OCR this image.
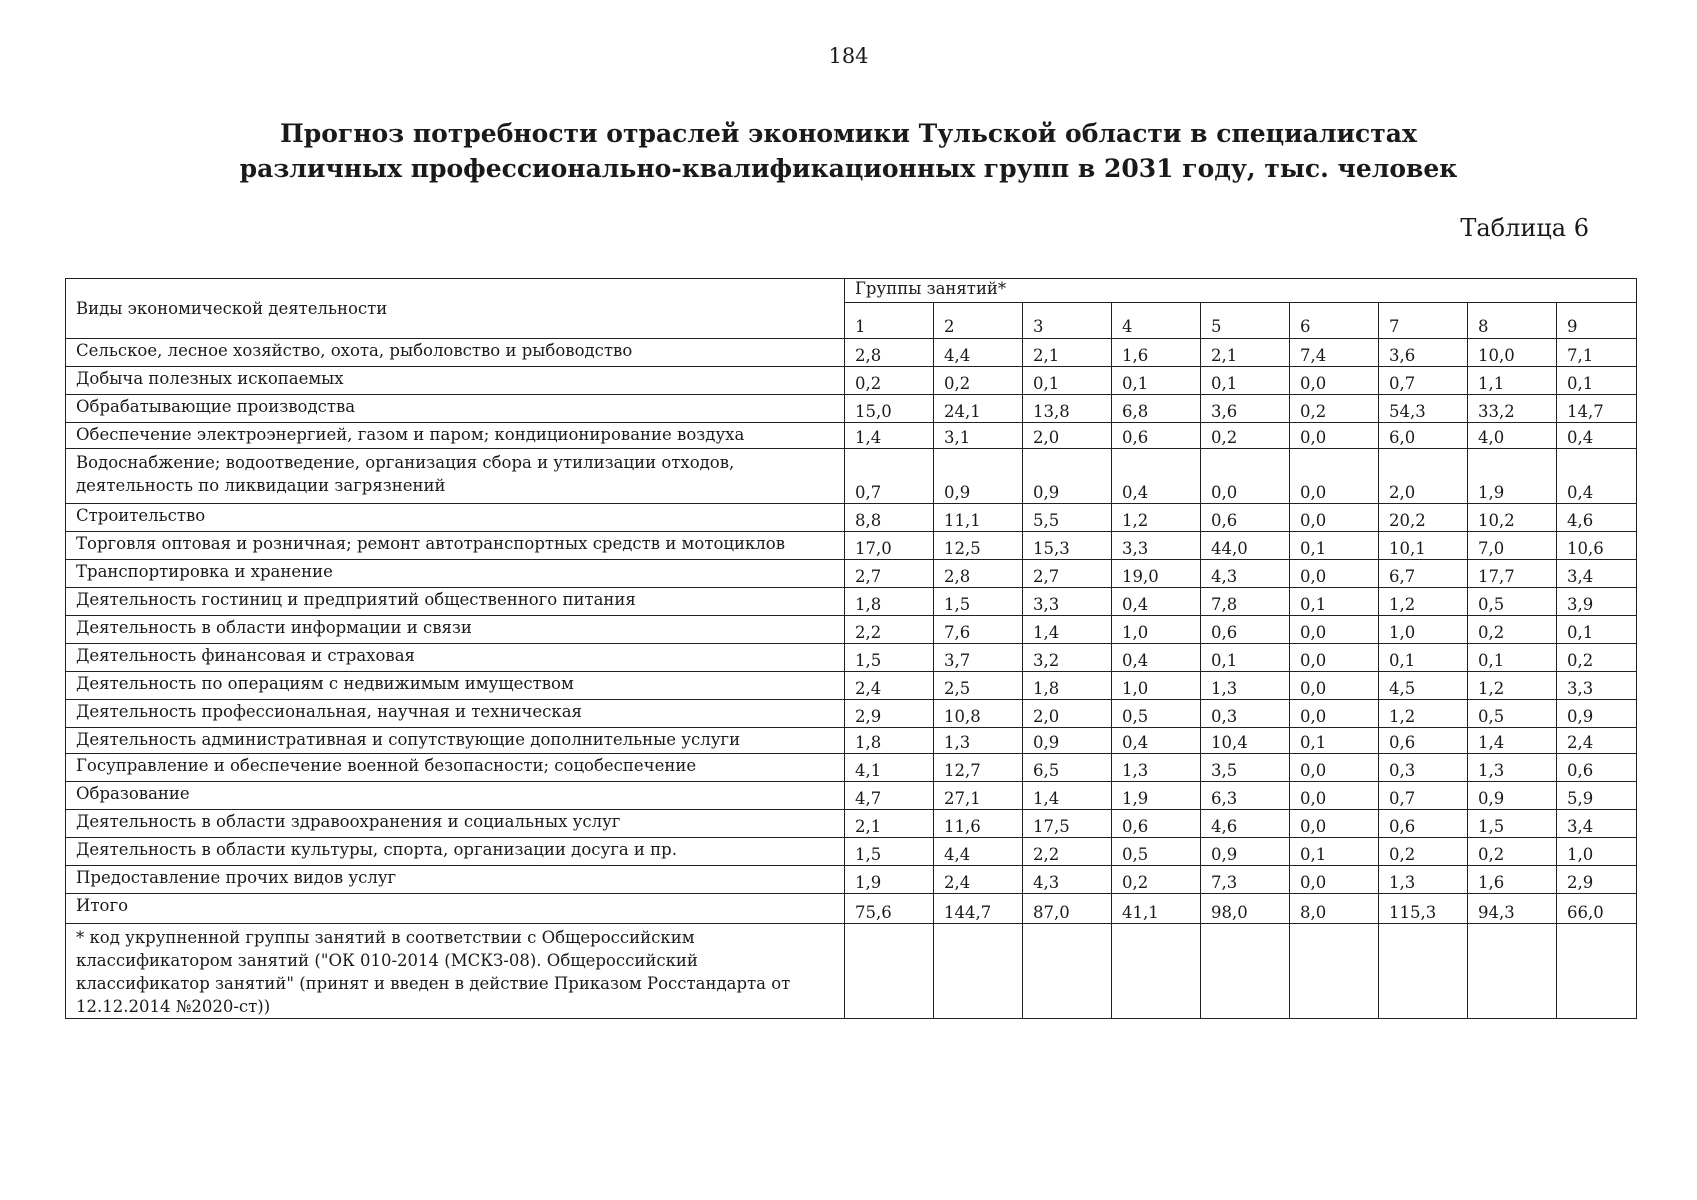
184
Прогноз потребности отраслей экономики Тульской области в специалистах
различных профессионально-квалификационных групп в 2031 году, тыс. человек
Таблица 6
Виды экономической деятельности	Группы занятий*								
	1	2	3	4	5	6	7	8	9
Сельское, лесное хозяйство, охота, рыболовство и рыбоводство	2,8	4,4	2,1	1,6	2,1	7,4	3,6	10,0	7,1
Добыча полезных ископаемых	0,2	0,2	0,1	0,1	0,1	0,0	0,7	1,1	0,1
Обрабатывающие производства	15,0	24,1	13,8	6,8	3,6	0,2	54,3	33,2	14,7
Обеспечение электроэнергией, газом и паром; кондиционирование воздуха	1,4	3,1	2,0	0,6	0,2	0,0	6,0	4,0	0,4
Водоснабжение; водоотведение, организация сбора и утилизации отходов, деятельность по ликвидации загрязнений	0,7	0,9	0,9	0,4	0,0	0,0	2,0	1,9	0,4
Строительство	8,8	11,1	5,5	1,2	0,6	0,0	20,2	10,2	4,6
Торговля оптовая и розничная; ремонт автотранспортных средств и мотоциклов	17,0	12,5	15,3	3,3	44,0	0,1	10,1	7,0	10,6
Транспортировка и хранение	2,7	2,8	2,7	19,0	4,3	0,0	6,7	17,7	3,4
Деятельность гостиниц и предприятий общественного питания	1,8	1,5	3,3	0,4	7,8	0,1	1,2	0,5	3,9
Деятельность в области информации и связи	2,2	7,6	1,4	1,0	0,6	0,0	1,0	0,2	0,1
Деятельность финансовая и страховая	1,5	3,7	3,2	0,4	0,1	0,0	0,1	0,1	0,2
Деятельность по операциям с недвижимым имуществом	2,4	2,5	1,8	1,0	1,3	0,0	4,5	1,2	3,3
Деятельность профессиональная, научная и техническая	2,9	10,8	2,0	0,5	0,3	0,0	1,2	0,5	0,9
Деятельность административная и сопутствующие дополнительные услуги	1,8	1,3	0,9	0,4	10,4	0,1	0,6	1,4	2,4
Госуправление и обеспечение военной безопасности; соцобеспечение	4,1	12,7	6,5	1,3	3,5	0,0	0,3	1,3	0,6
Образование	4,7	27,1	1,4	1,9	6,3	0,0	0,7	0,9	5,9
Деятельность в области здравоохранения и социальных услуг	2,1	11,6	17,5	0,6	4,6	0,0	0,6	1,5	3,4
Деятельность в области культуры, спорта, организации досуга и пр.	1,5	4,4	2,2	0,5	0,9	0,1	0,2	0,2	1,0
Предоставление прочих видов услуг	1,9	2,4	4,3	0,2	7,3	0,0	1,3	1,6	2,9
Итого	75,6	144,7	87,0	41,1	98,0	8,0	115,3	94,3	66,0
* код укрупненной группы занятий в соответствии с Общероссийским классификатором занятий ("ОК 010-2014 (МСКЗ-08). Общероссийский классификатор занятий" (принят и введен в действие Приказом Росстандарта от 12.12.2014 №2020-ст))									
